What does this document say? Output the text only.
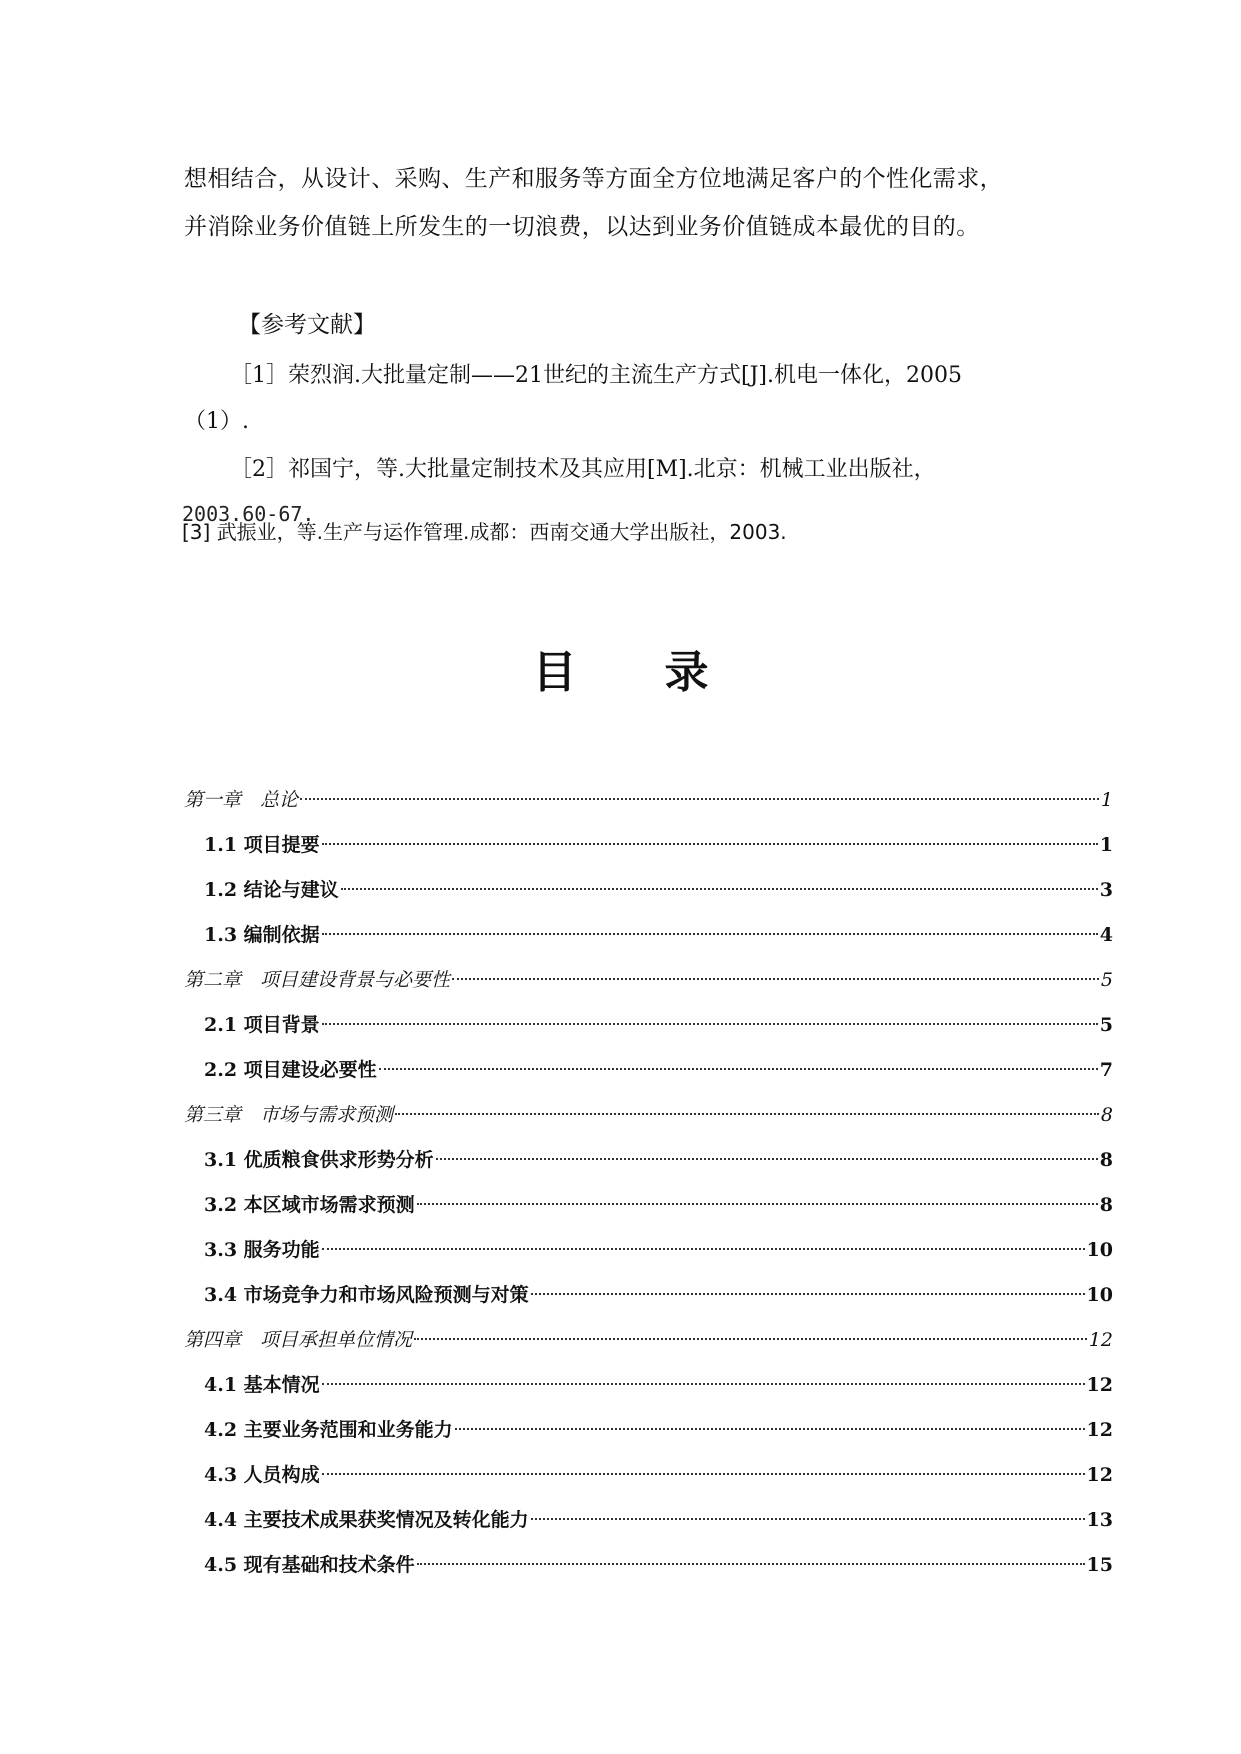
想相结合，从设计、采购、生产和服务等方面全方位地满足客户的个性化需求，
并消除业务价值链上所发生的一切浪费，以达到业务价值链成本最优的目的。
【参考文献】
［1］荣烈润.大批量定制——21世纪的主流生产方式[J].机电一体化，2005
（1）.
［2］祁国宁，等.大批量定制技术及其应用[M].北京：机械工业出版社，
2003.60-67.
[3] 武振业，等.生产与运作管理.成都：西南交通大学出版社，2003.
目录
第一章　总论	1
1.1 项目提要	1
1.2 结论与建议	3
1.3 编制依据	4
第二章　项目建设背景与必要性	5
2.1 项目背景	5
2.2 项目建设必要性	7
第三章　市场与需求预测	8
3.1 优质粮食供求形势分析	8
3.2 本区域市场需求预测	8
3.3 服务功能	10
3.4 市场竞争力和市场风险预测与对策	10
第四章　项目承担单位情况	12
4.1 基本情况	12
4.2 主要业务范围和业务能力	12
4.3 人员构成	12
4.4 主要技术成果获奖情况及转化能力	13
4.5 现有基础和技术条件	15
